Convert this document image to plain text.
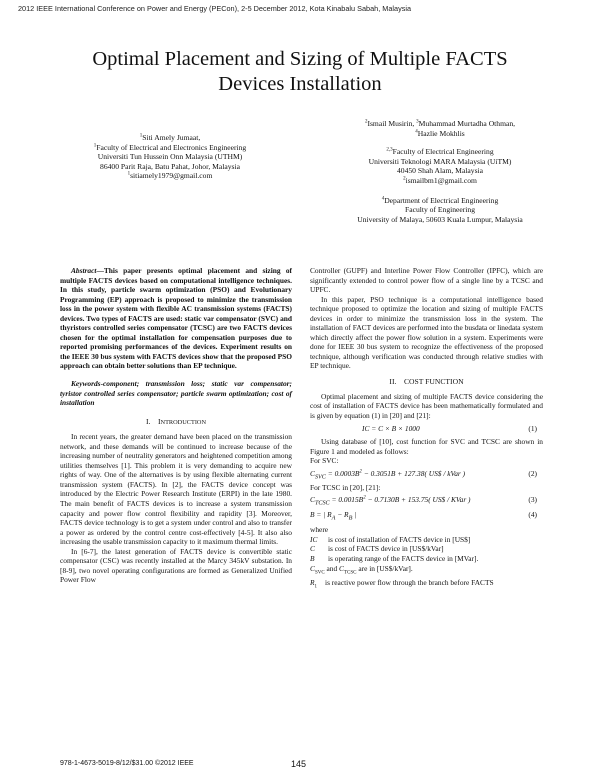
2012 IEEE International Conference on Power and Energy (PECon), 2-5 December 2012, Kota Kinabalu Sabah, Malaysia
Optimal Placement and Sizing of Multiple FACTS
Devices Installation
$^1$Siti Amely Jumaat,
$^1$Faculty of Electrical and Electronics Engineering
Universiti Tun Hussein Onn Malaysia (UTHM)
86400 Parit Raja, Batu Pahat, Johor, Malaysia
$^1$sitiamely1979@gmail.com
$^2$Ismail Musirin, $^3$Muhammad Murtadha Othman,
$^4$Hazlie Mokhlis
$^{2,3}$Faculty of Electrical Engineering
Universiti Teknologi MARA Malaysia (UiTM)
40450 Shah Alam, Malaysia
$^2$ismailbm1@gmail.com
$^4$Department of Electrical Engineering
Faculty of Engineering
University of Malaya, 50603 Kuala Lumpur, Malaysia

Abstract—This paper presents optimal placement and sizing of multiple FACTS devices based on computational intelligence techniques. In this study, particle swarm optimization (PSO) and Evolutionary Programming (EP) approach is proposed to minimize the transmission loss in the power system with flexible AC transmission systems (FACTS) devices. Two types of FACTS are used: static var compensator (SVC) and thyristors controlled series compensator (TCSC) are two FACTS devices chosen for the optimal installation for compensation purposes due to reported promising performances of the devices. Experiment results on the IEEE 30 bus system with FACTS devices show that the proposed PSO approach can obtain better solutions than EP technique.

Keywords-component; transmission loss; static var compensator; tyristor controlled series compensator; particle swarm optimization; cost of installation

I. INTRODUCTION

In recent years, the greater demand have been placed on the transmission network, and these demands will be continued to increase because of the increasing number of neutrality generators and heightened competition among utilities themselves [1]. This problem it is very demanding to acquire new rights of way. One of the alternatives is by using flexible alternating current transmission system (FACTS). In [2], the FACTS device concept was introduced by the Electric Power Research Institute (ERPI) in the late 1980. The main benefit of FACTS devices is to increase a system transmission capacity and power flow control flexibility and rapidity [3]. Moreover, FACTS device technology is to get a system under control and also to transfer a power as ordered by the control centre cost-effectively [4-5]. It also also increasing the usable transmission capacity to it maximum thermal limits.

In [6-7], the latest generation of FACTS device is convertible static compensator (CSC) was recently installed at the Marcy 345kV substation. In [8-9], two novel operating configurations are formed as Generalized Unified Power Flow

Controller (GUPF) and Interline Power Flow Controller (IPFC), which are significantly extended to control power flow of a single line by a TCSC and UPFC.

In this paper, PSO technique is a computational intelligence based technique proposed to optimize the location and sizing of multiple FACTS devices in order to minimize the transmission loss in the system. The installation of FACT devices are performed into the busdata or linedata system which directly affect the power flow solution in a system. Experiments were done for IEEE 30 bus system to recognize the effectiveness of the proposed technique, although verification was conducted through relative studies with EP technique.

II. COST FUNCTION

Optimal placement and sizing of multiple FACTS device considering the cost of installation of FACTS device has been mathematically formulated and is given by equation (1) in [20] and [21]:

IC = C × B × 1000	(1)

Using database of [10], cost function for SVC and TCSC are shown in Figure 1 and modeled as follows:

For SVC:

$C_{SVC} = 0.0003B^2 - 0.3051B + 127.38$( US$ / kVar )	(2)

For TCSC in [20], [21]:

$C_{TCSC} = 0.0015B^2 - 0.7130B + 153.75$( US$ / KVar )	(3)
B = | $R_A - R_B$ |	(4)

where

IC is cost of installation of FACTS device in [US$]
C is cost of FACTS device in [US$/kVar]
B is operating range of the FACTS device in [MVar].
$C_{SVC}$ and $C_{TCSC}$ are in [US$/kVar].
$R_1$ is reactive power flow through the branch before FACTS
978-1-4673-5019-8/12/$31.00 ©2012 IEEE	145
